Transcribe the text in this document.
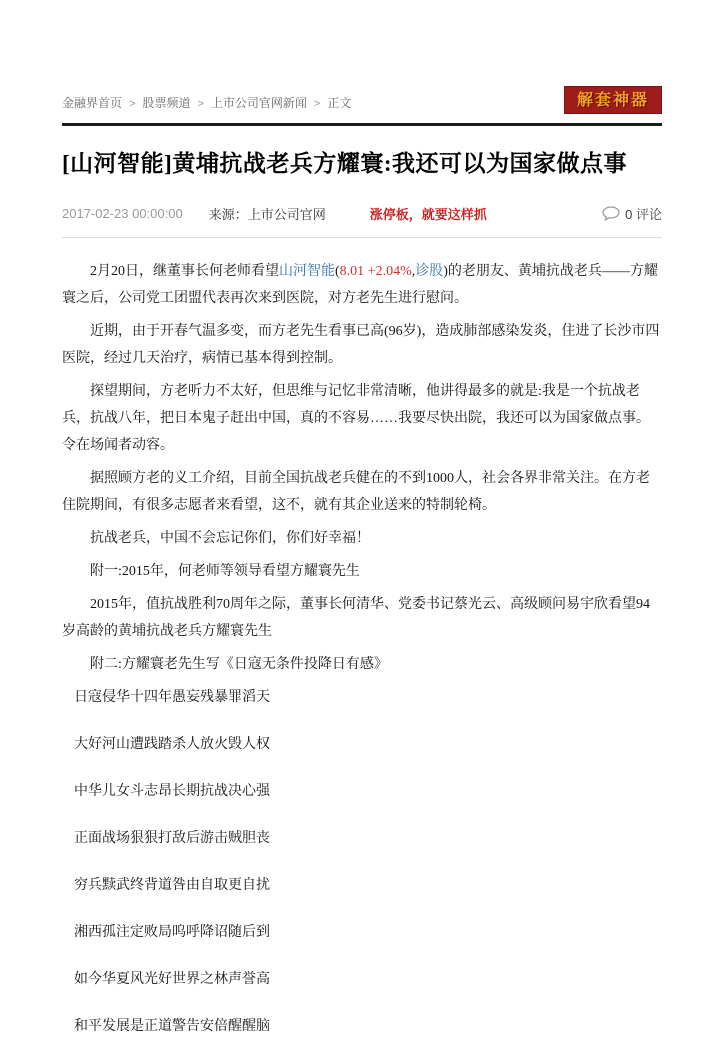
金融界首页 > 股票频道 > 上市公司官网新闻 > 正文	解套神器
[山河智能]黄埔抗战老兵方耀寰:我还可以为国家做点事
2017-02-23 00:00:00 来源：上市公司官网	涨停板，就要这样抓	0 评论

2月20日，继董事长何老师看望山河智能(8.01 +2.04%,诊股)的老朋友、黄埔抗战老兵——方耀寰之后，公司党工团盟代表再次来到医院，对方老先生进行慰问。

近期，由于开春气温多变，而方老先生看事已高(96岁)，造成肺部感染发炎，住进了长沙市四医院，经过几天治疗，病情已基本得到控制。

探望期间，方老听力不太好，但思维与记忆非常清晰，他讲得最多的就是:我是一个抗战老兵，抗战八年，把日本鬼子赶出中国，真的不容易……我要尽快出院，我还可以为国家做点事。令在场闻者动容。

据照顾方老的义工介绍，目前全国抗战老兵健在的不到1000人，社会各界非常关注。在方老住院期间，有很多志愿者来看望，这不，就有其企业送来的特制轮椅。

抗战老兵，中国不会忘记你们，你们好幸福！

附一:2015年，何老师等领导看望方耀寰先生

2015年，值抗战胜利70周年之际，董事长何清华、党委书记蔡光云、高级顾问易宇欣看望94岁高龄的黄埔抗战老兵方耀寰先生

附二:方耀寰老先生写《日寇无条件投降日有感》

日寇侵华十四年愚妄残暴罪滔天

大好河山遭践踏杀人放火毁人权

中华儿女斗志昂长期抗战决心强

正面战场狠狠打敌后游击贼胆丧

穷兵黩武终背道咎由自取更自扰

湘西孤注定败局呜呼降诏随后到

如今华夏风光好世界之林声誉高

和平发展是正道警告安倍醒醒脑
